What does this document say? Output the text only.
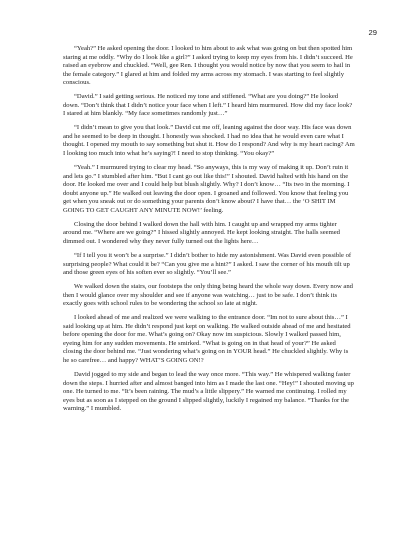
29

“Yeah?” He asked opening the door. I looked to him about to ask what was going on but then spotted him staring at me oddly. “Why do I look like a girl?” I asked trying to keep my eyes from his. I didn’t succeed. He raised an eyebrow and chuckled. “Well, gee Ren. I thought you would notice by now that you seem to hail in the female category.” I glared at him and folded my arms across my stomach. I was starting to feel slightly conscious.

“David.” I said getting serious. He noticed my tone and stiffened. “What are you doing?” He looked down. “Don’t think that I didn’t notice your face when I left.” I heard him murmured. How did my face look? I stared at him blankly. “My face sometimes randomly just…”

“I didn’t mean to give you that look.” David cut me off, leaning against the door way. His face was down and he seemed to be deep in thought. I honestly was shocked. I had no idea that he would even care what I thought. I opened my mouth to say something but shut it. How do I respond? And why is my heart racing? Am I looking too much into what he’s saying?! I need to stop thinking. “You okay?”

“Yeah.” I murmured trying to clear my head. “So anyways, this is my way of making it up. Don’t ruin it and lets go.” I stumbled after him. “But I cant go out like this!” I shouted. David halted with his hand on the door. He looked me over and I could help but blush slightly. Why? I don’t know… “Its two in the morning. I doubt anyone up.” He walked out leaving the door open. I groaned and followed. You know that feeling you get when you sneak out or do something your parents don’t know about? I have that… the ‘O SHIT IM GOING TO GET CAUGHT ANY MINUTE NOW!’ feeling.

Closing the door behind I walked down the hall with him. I caught up and wrapped my arms tighter around me. “Where are we going?” I hissed slightly annoyed. He kept looking straight. The halls seemed dimmed out. I wondered why they never fully turned out the lights here…

“If I tell you it won’t be a surprise.” I didn’t bother to hide my astonishment. Was David even possible of surprising people? What could it be? “Can you give me a hint?” I asked. I saw the corner of his mouth tilt up and those green eyes of his soften ever so slightly. “You’ll see.”

We walked down the stairs, our footsteps the only thing being heard the whole way down. Every now and then I would glance over my shoulder and see if anyone was watching… just to be safe. I don’t think its exactly goes with school rules to be wondering the school so late at night.

I looked ahead of me and realized we were walking to the entrance door. “Im not to sure about this…” I said looking up at him. He didn’t respond just kept on walking. He walked outside ahead of me and hesitated before opening the door for me. What’s going on? Okay now im suspicious. Slowly I walked passed him, eyeing him for any sudden movements. He smirked. “What is going on in that head of your?” He asked closing the door behind me. “Just wondering what’s going on in YOUR head.” He chuckled slightly. Why is he so carefree… and happy? WHAT’S GOING ON!?

David jogged to my side and began to lead the way once more. “This way.” He whispered walking faster down the steps. I hurried after and almost banged into him as I made the last one. “Hey!” I shouted moving up one. He turned to me. “It’s been raining. The mud’s a little slippery.” He warned me continuing. I rolled my eyes but as soon as I stepped on the ground I slipped slightly, luckily I regained my balance. “Thanks for the warning.” I mumbled.
